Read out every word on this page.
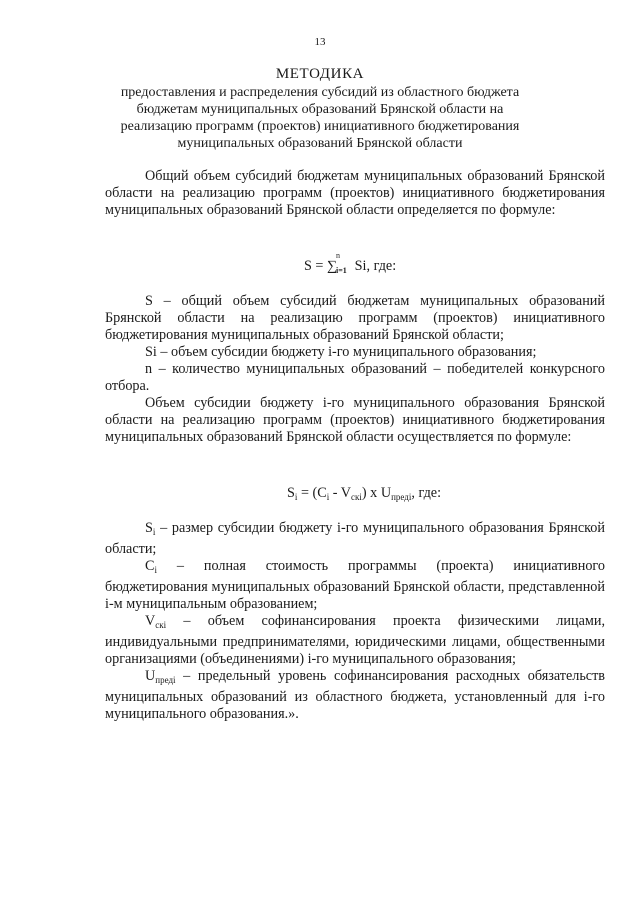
13
МЕТОДИКА
предоставления и распределения субсидий из областного бюджета бюджетам муниципальных образований Брянской области на реализацию программ (проектов) инициативного бюджетирования муниципальных образований Брянской области

Общий объем субсидий бюджетам муниципальных образований Брянской области на реализацию программ (проектов) инициативного бюджетирования муниципальных образований Брянской области определяется по формуле:

S = ∑
n
i=1 Si, где:

S – общий объем субсидий бюджетам муниципальных образований Брянской области на реализацию программ (проектов) инициативного бюджетирования муниципальных образований Брянской области;

Si – объем субсидии бюджету i-го муниципального образования;

n – количество муниципальных образований – победителей конкурсного отбора.

Объем субсидии бюджету i-го муниципального образования Брянской области на реализацию программ (проектов) инициативного бюджетирования муниципальных образований Брянской области осуществляется по формуле:

$S_i = (C_i - V_{скi})$ x $U_{предi}$, где:

$S_i$ – размер субсидии бюджету i-го муниципального образования Брянской области;

$C_i$ – полная стоимость программы (проекта) инициативного бюджетирования муниципальных образований Брянской области, представленной i-м муниципальным образованием;

$V_{скi}$ – объем софинансирования проекта физическими лицами, индивидуальными предпринимателями, юридическими лицами, общественными организациями (объединениями) i-го муниципального образования;

$U_{предi}$ – предельный уровень софинансирования расходных обязательств муниципальных образований из областного бюджета, установленный для i-го муниципального образования.».
